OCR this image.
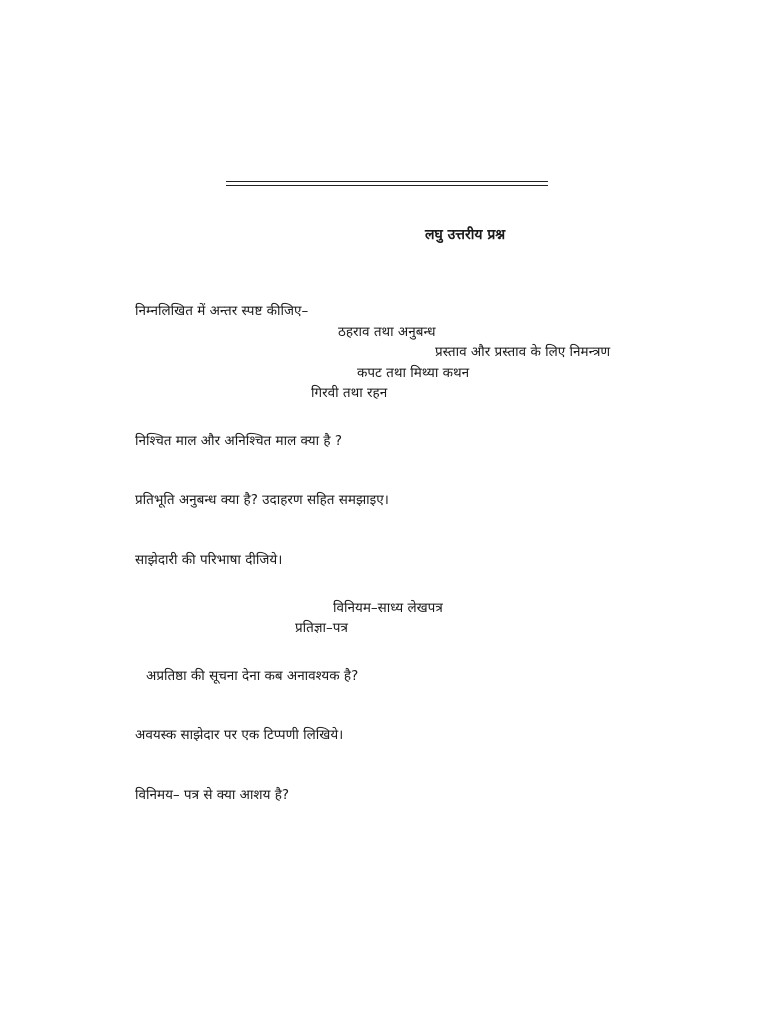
लघु उत्तरीय प्रश्न
निम्नलिखित में अन्तर स्पष्ट कीजिए–
ठहराव तथा अनुबन्ध
प्रस्ताव और प्रस्ताव के लिए निमन्त्रण
कपट तथा मिथ्या कथन
गिरवी तथा रहन
निश्चित माल और अनिश्चित माल क्या है ?
प्रतिभूति अनुबन्ध क्या है? उदाहरण सहित समझाइए।
साझेदारी की परिभाषा दीजिये।
विनियम–साध्य लेखपत्र
प्रतिज्ञा–पत्र
अप्रतिष्ठा की सूचना देना कब अनावश्यक है?
अवयस्क साझेदार पर एक टिप्पणी लिखिये।
विनिमय– पत्र से क्या आशय है?
